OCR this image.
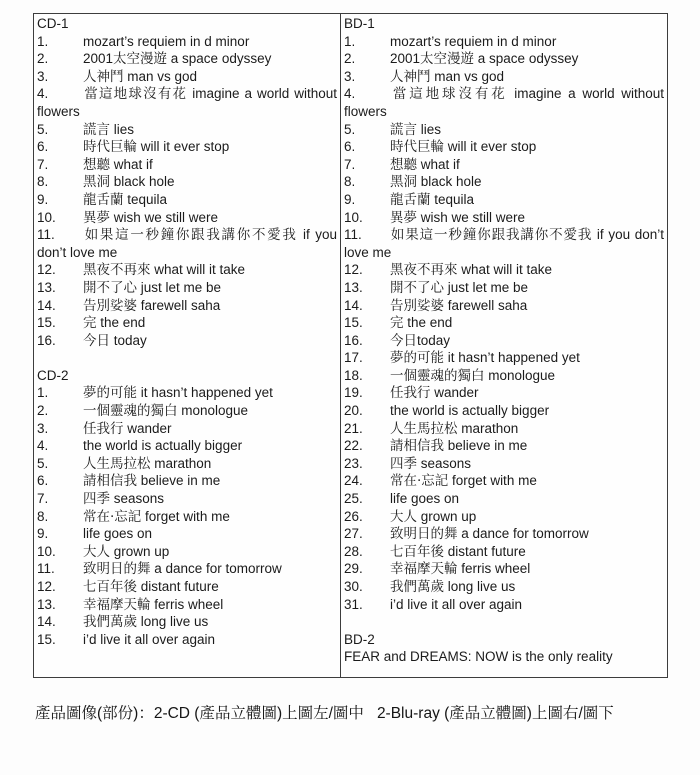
CD-1
1.	mozart’s requiem in d minor
2.	2001太空漫遊 a space odyssey
3.	人神鬥 man vs god
4.	當這地球沒有花 imagine a world without flowers
5.	謊言 lies
6.	時代巨輪 will it ever stop
7.	想聽 what if
8.	黑洞 black hole
9.	龍舌蘭 tequila
10. 異夢 wish we still were
11. 如果這一秒鐘你跟我講你不愛我 if you don’t love me
12. 黑夜不再來 what will it take
13. 開不了心 just let me be
14. 告別娑婆 farewell saha
15. 完 the end
16. 今日 today
CD-2
1.	夢的可能 it hasn’t happened yet
2.	一個靈魂的獨白 monologue
3.	任我行 wander
4.	the world is actually bigger
5.	人生馬拉松 marathon
6.	請相信我 believe in me
7.	四季 seasons
8.	常在‧忘記 forget with me
9.	life goes on
10. 大人 grown up
11. 致明日的舞 a dance for tomorrow
12. 七百年後 distant future
13. 幸福摩天輪 ferris wheel
14. 我們萬歲 long live us
15. i’d live it all over again
BD-1
1.	mozart’s requiem in d minor
2.	2001太空漫遊 a space odyssey
3.	人神鬥 man vs god
4.	當這地球沒有花 imagine a world without flowers
5.	謊言 lies
6.	時代巨輪 will it ever stop
7.	想聽 what if
8.	黑洞 black hole
9.	龍舌蘭 tequila
10. 異夢 wish we still were
11. 如果這一秒鐘你跟我講你不愛我 if you don’t love me
12. 黑夜不再來 what will it take
13. 開不了心 just let me be
14. 告別娑婆 farewell saha
15. 完 the end
16. 今日today
17. 夢的可能 it hasn’t happened yet
18. 一個靈魂的獨白 monologue
19. 任我行 wander
20. the world is actually bigger
21. 人生馬拉松 marathon
22. 請相信我 believe in me
23. 四季 seasons
24. 常在‧忘記 forget with me
25. life goes on
26. 大人 grown up
27. 致明日的舞 a dance for tomorrow
28. 七百年後 distant future
29. 幸福摩天輪 ferris wheel
30. 我們萬歲 long live us
31. i’d live it all over again
BD-2
FEAR and DREAMS: NOW is the only reality
產品圖像(部份)：2-CD (產品立體圖)上圖左/圖中 2-Blu-ray (產品立體圖)上圖右/圖下
